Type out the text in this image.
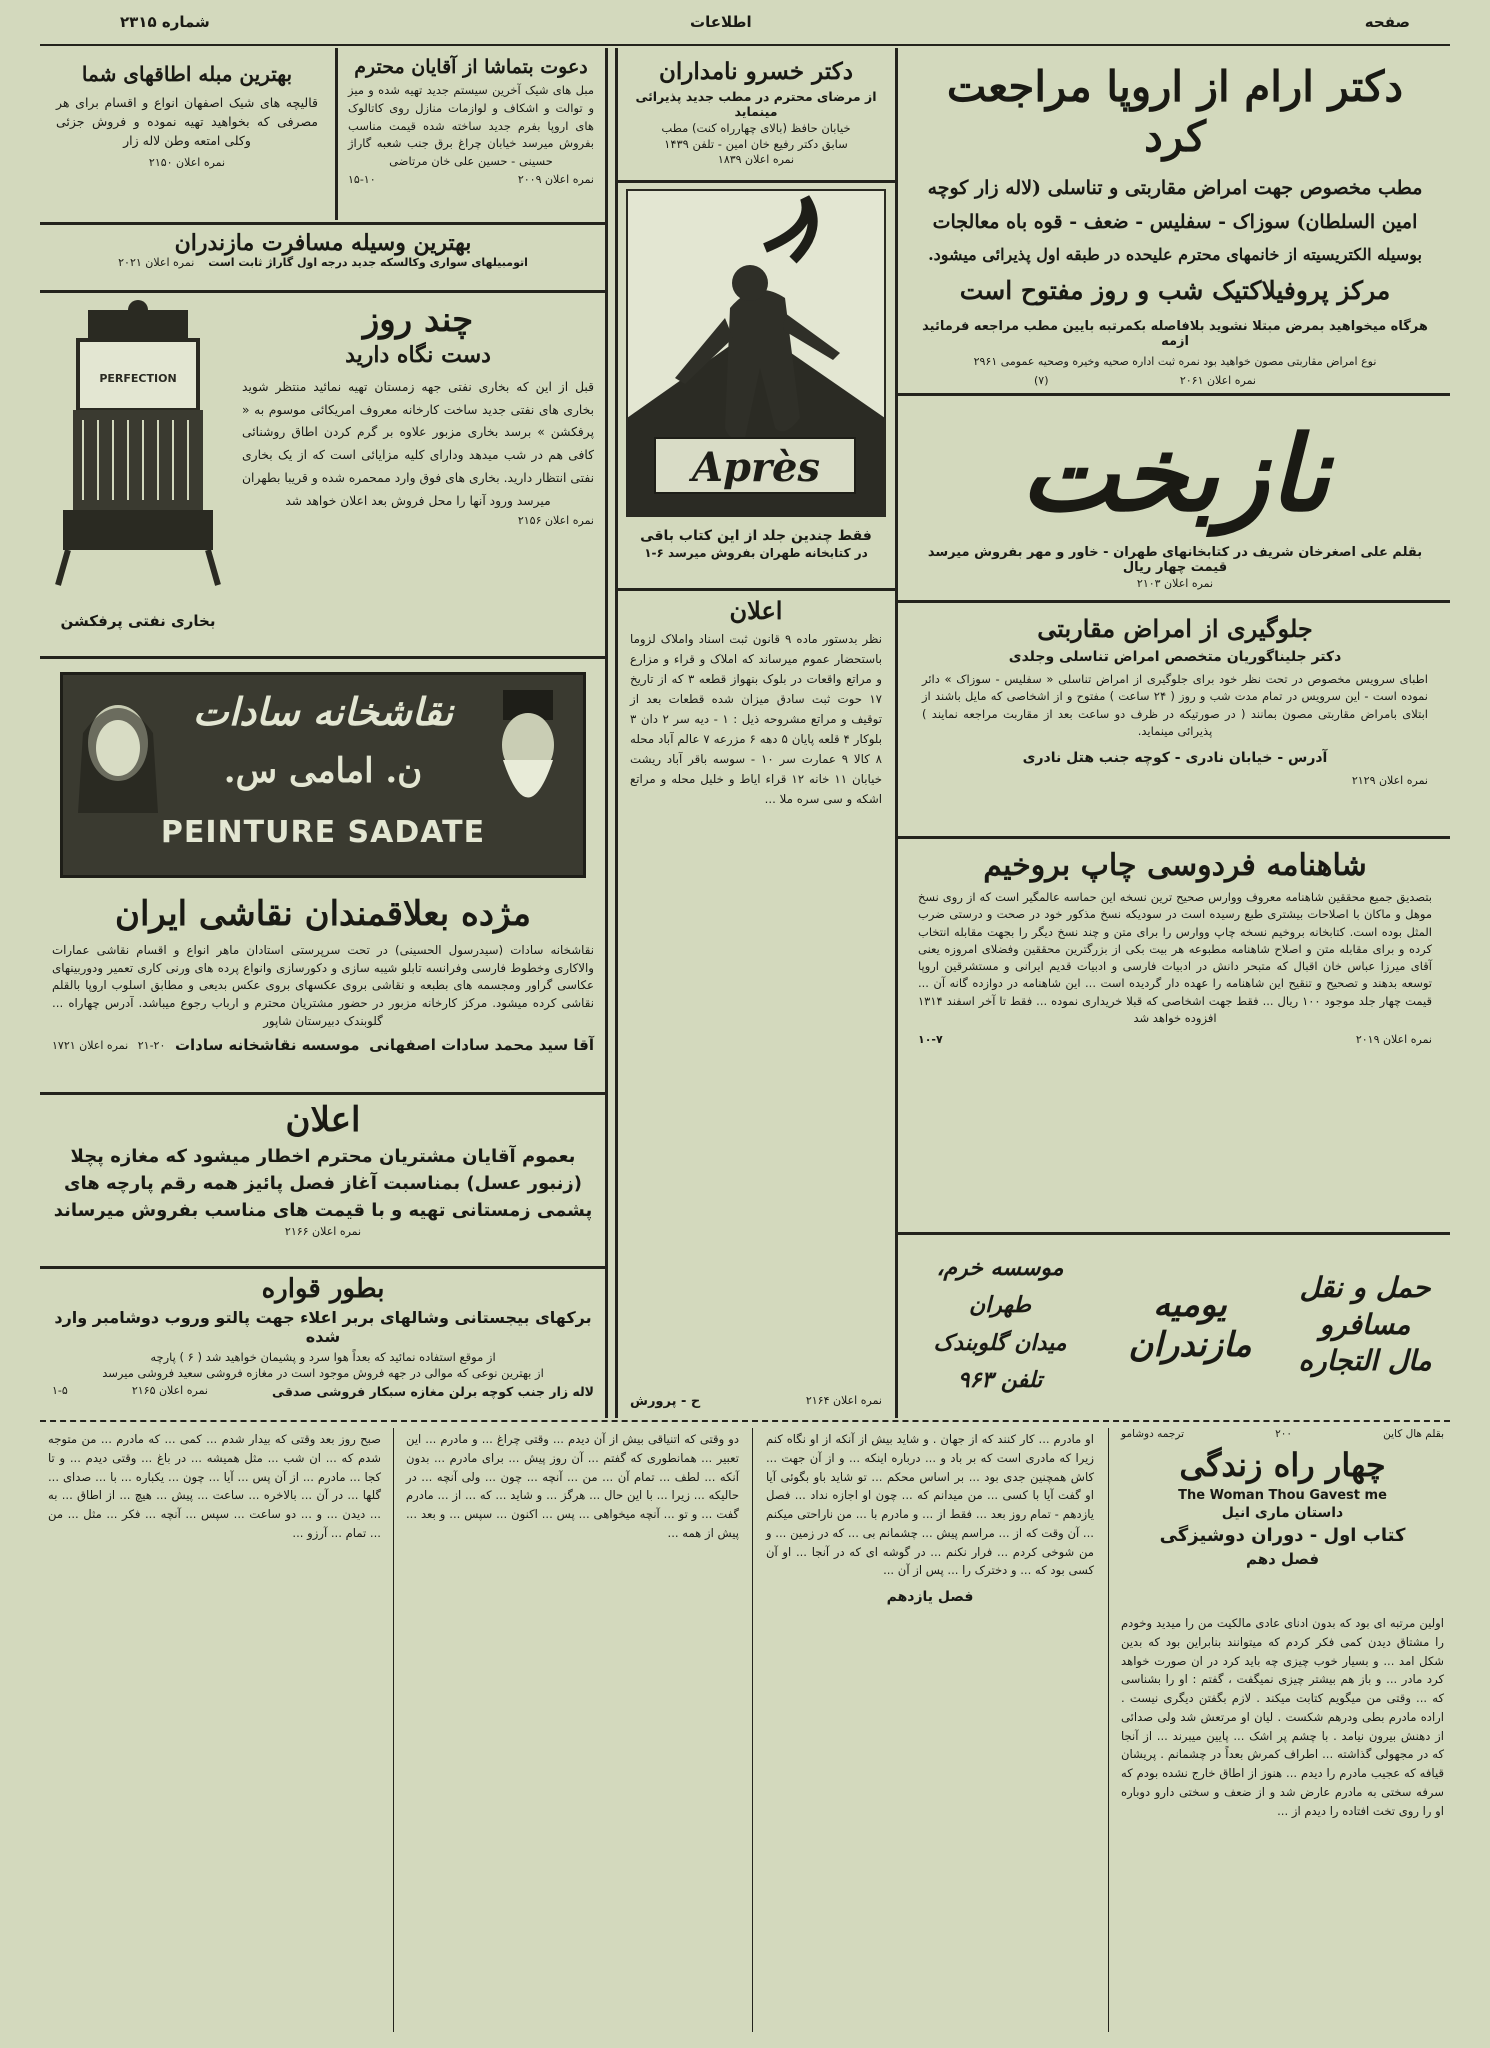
صفحه
اطلاعات
شماره ۲۳۱۵
دکتر ارام از اروپا مراجعت کرد
مطب مخصوص جهت امراض مقاربتی و تناسلی (لاله زار کوچه
امین السلطان) سوزاک - سفلیس - ضعف - قوه باه معالجات
بوسیله الکتریسیته از خانمهای محترم علیحده در طبقه اول پذیرائی میشود.
مرکز پروفیلاکتیک شب و روز مفتوح است
هرگاه میخواهید بمرض مبتلا نشوید بلافاصله بکمرتبه بایین مطب مراجعه فرمائید ازمه
نوع امراض مقاربتی مصون خواهید بود نمره ثبت اداره صحیه وخیره وصحیه عمومی ۲۹۶۱
نمره اعلان ۲۰۶۱
(۷)
نازبخت
بقلم علی اصغرخان شریف در کتابخانهای طهران - خاور و مهر بفروش میرسد قیمت چهار ریال
نمره اعلان ۲۱۰۳
جلوگیری از امراض مقاربتی
دکتر جلیناگوریان متخصص امراض تناسلی وجلدی
اطبای سرویس مخصوص در تحت نظر خود برای جلوگیری از امراض تناسلی « سفلیس - سوزاک » دائر نموده است - این سرویس در تمام مدت شب و روز ( ۲۴ ساعت ) مفتوح و از اشخاصی که مایل باشند از ابتلای بامراض مقاربتی مصون بمانند ( در صورتیکه در ظرف دو ساعت بعد از مقاربت مراجعه نمایند ) پذیرائی مینماید.
آدرس - خیابان نادری - کوچه جنب هتل نادری
نمره اعلان ۲۱۲۹
شاهنامه فردوسی چاپ بروخیم
بتصدیق جمیع محققین شاهنامه معروف ووارس صحیح ترین نسخه این حماسه عالمگیر است که از روی نسخ موهل و ماکان با اصلاحات بیشتری طبع رسیده است در سودیکه نسخ مذکور خود در صحت و درستی ضرب المثل بوده است. کتابخانه بروخیم نسخه چاپ ووارس را برای متن و چند نسخ دیگر را بجهت مقابله انتخاب کرده و برای مقابله متن و اصلاح شاهنامه مطبوعه هر بیت بکی از بزرگترین محققین وفضلای امروزه یعنی آقای میرزا عباس خان اقبال که متبحر دانش در ادبیات فارسی و ادبیات قدیم ایرانی و مستشرقین اروپا توسعه بدهند و تصحیح و تنقیح این شاهنامه را عهده دار گردیده است ... این شاهنامه در دوازده گانه آن ... قیمت چهار جلد موجود ۱۰۰ ریال ... فقط جهت اشخاصی که قبلا خریداری نموده ... فقط تا آخر اسفند ۱۳۱۴ افزوده خواهد شد
نمره اعلان ۲۰۱۹
۱۰-۷
حمل و نقل مسافرو
مال التجاره
یومیه مازندران
موسسه خرم، طهران
میدان گلوبندک تلفن ۹۶۳
دکتر خسرو نامداران
از مرضای محترم در مطب جدید پذیرائی مینماید
خیابان حافظ (بالای چهارراه کنت) مطب
سابق دکتر رفیع خان امین - تلفن ۱۴۳۹
نمره اعلان ۱۸۳۹
Après
فقط چندین جلد از این کتاب باقی
در کتابخانه طهران بفروش میرسد ۶-۱
اعلان
نظر بدستور ماده ۹ قانون ثبت اسناد واملاک لزوما باستحضار عموم میرساند که املاک و قراء و مزارع و مراتع واقعات در بلوک بنهواز قطعه ۳ که از تاریخ ۱۷ حوت ثبت سادق میزان شده قطعات بعد از توقیف و مراتع مشروحه ذیل : ۱ - دیه سر ۲ دان ۳ بلوکار ۴ قلعه پایان ۵ دهه ۶ مزرعه ۷ عالم آباد محله ۸ کالا ۹ عمارت سر ۱۰ - سوسه باقر آباد ریشت خیابان ۱۱ خانه ۱۲ قراء ایاط و خلیل محله و مراتع اشکه و سی سره ملا ...
دعوت بتماشا از آقایان محترم
مبل های شیک آخرین سیستم جدید تهیه شده و میز و توالت و اشکاف و لوازمات منازل روی کاتالوک های اروپا بفرم جدید ساخته شده قیمت مناسب بفروش میرسد خیابان چراغ برق جنب شعبه گاراژ حسینی - حسین علی خان مرتاضی
نمره اعلان ۲۰۰۹
۱۵-۱۰
بهترین مبله اطاقهای شما
قالیچه های شیک اصفهان انواع و اقسام برای هر مصرفی که بخواهید تهیه نموده و فروش جزئی وکلی امتعه وطن لاله زار
نمره اعلان ۲۱۵۰
بهترین وسیله مسافرت مازندران
اتومبیلهای سواری وکالسکه جدید درجه اول گاراژ ثابت است
نمره اعلان ۲۰۲۱
PERFECTION
چند روز
دست نگاه دارید
قبل از این که بخاری نفتی جهه زمستان تهیه نمائید منتظر شوید بخاری های نفتی جدید ساخت کارخانه معروف امریکائی موسوم به « پرفکشن » برسد بخاری مزبور علاوه بر گرم کردن اطاق روشنائی کافی هم در شب میدهد ودارای کلیه مزایائی است که از یک بخاری نفتی انتظار دارید. بخاری های فوق وارد ممحمره شده و قریبا بطهران میرسد ورود آنها را محل فروش بعد اعلان خواهد شد
نمره اعلان ۲۱۵۶
بخاری نفتی پرفکشن
نقاشخانه سادات
ن. امامی س.
PEINTURE SADATE
مژده بعلاقمندان نقاشی ایران
نقاشخانه سادات (سیدرسول الحسینی) در تحت سرپرستی استادان ماهر انواع و اقسام نقاشی عمارات والاکاری وخطوط فارسی وفرانسه تابلو شیبه سازی و دکورسازی وانواع پرده های ورنی کاری تعمیر ودوربینهای عکاسی گراور ومجسمه های بطبعه و نقاشی بروی عکسهای بروی عکس بدیعی و مطابق اسلوب اروپا بالقلم نقاشی کرده میشود. مرکز کارخانه مزبور در حضور مشتریان محترم و ارباب رجوع میباشد. آدرس چهاراه ... گلوبندک دبیرستان شاپور
آقا سید محمد سادات اصفهانی
موسسه نقاشخانه سادات
۲۱-۲۰
نمره اعلان ۱۷۲۱
اعلان
بعموم آقایان مشتریان محترم اخطار میشود که مغازه پچلا
(زنبور عسل) بمناسبت آغاز فصل پائیز همه رقم پارچه های
پشمی زمستانی تهیه و با قیمت های مناسب بفروش میرساند
نمره اعلان ۲۱۶۶
بطور قواره
برکهای بیجستانی وشالهای بربر اعلاء جهت پالتو وروب دوشامبر وارد شده
از موقع استفاده نمائید که بعداً هوا سرد و پشیمان خواهید شد ( ۶ ) پارچه
از بهترین نوعی که موالی در جهه فروش موجود است در مغازه فروشی سعید فروشی میرسد
لاله زار جنب کوچه برلن مغازه سبکار فروشی صدقی
نمره اعلان ۲۱۶۵
۱-۵
نمره اعلان ۲۱۶۴
ح - پرورش
بقلم هال کاین
۲۰۰
ترجمه دوشامو
چهار راه زندگی
The Woman Thou Gavest me
داستان ماری انیل
کتاب اول - دوران دوشیزگی
فصل دهم

اولین مرتبه ای بود که بدون ادنای عادی مالکیت من را میدید وخودم را مشتاق دیدن کمی فکر کردم که میتوانند بنابراین بود که بدین شکل امد ... و بسیار خوب چیزی چه باید کرد در ان صورت خواهد کرد مادر ... و باز هم بیشتر چیزی نمیگفت ، گفتم : او را بشناسی که ... وقتی من میگویم کتابت میکند . لازم بگفتن دیگری نیست . اراده مادرم بطی ودرهم شکست . لیان او مرتعش شد ولی صدائی از دهنش بیرون نیامد . با چشم پر اشک ... پایین میبرند ... از آنجا که در مجهولی گذاشته ... اطراف کمرش بعداً در چشمانم . پریشان قیافه که عجیب مادرم را دیدم ... هنوز از اطاق خارج نشده بودم که سرفه سختی به مادرم عارض شد و از ضعف و سختی دارو دوباره او را روی تخت افتاده را دیدم از ...

او مادرم ... کار کنند که از جهان . و شاید بیش از آنکه از او نگاه کنم زیرا که مادری است که بر باد و ... درباره اینکه ... و از آن جهت ... کاش همچنین جدی بود ... بر اساس محکم ... تو شاید باو بگوئی آیا او گفت آیا با کسی ... من میدانم که ... چون او اجازه نداد ... فصل یازدهم - تمام روز بعد ... فقط از ... و مادرم با ... من ناراحتی میکنم ... آن وقت که از ... مراسم پیش ... چشمانم بی ... که در زمین ... و من شوخی کردم ... فرار نکنم ... در گوشه ای که در آنجا ... او آن کسی بود که ... و دخترک را ... پس از آن ...

فصل یازدهم

دو وقتی که اتنیاقی بیش از آن دیدم ... وقتی چراغ ... و مادرم ... این تعبیر ... همانطوری که گفتم ... آن روز پیش ... برای مادرم ... بدون آنکه ... لطف ... تمام آن ... من ... آنچه ... چون ... ولی آنچه ... در حالیکه ... زیرا ... با این حال ... هرگز ... و شاید ... که ... از ... مادرم گفت ... و تو ... آنچه میخواهی ... پس ... اکنون ... سپس ... و بعد ... پیش از همه ...

صبح روز بعد وقتی که بیدار شدم ... کمی ... که مادرم ... من متوجه شدم که ... ان شب ... مثل همیشه ... در باغ ... وقتی دیدم ... و تا کجا ... مادرم ... از آن پس ... آیا ... چون ... یکباره ... با ... صدای ... گلها ... در آن ... بالاخره ... ساعت ... پیش ... هیچ ... از اطاق ... به ... دیدن ... و ... دو ساعت ... سپس ... آنچه ... فکر ... مثل ... من ... تمام ... آرزو ...
